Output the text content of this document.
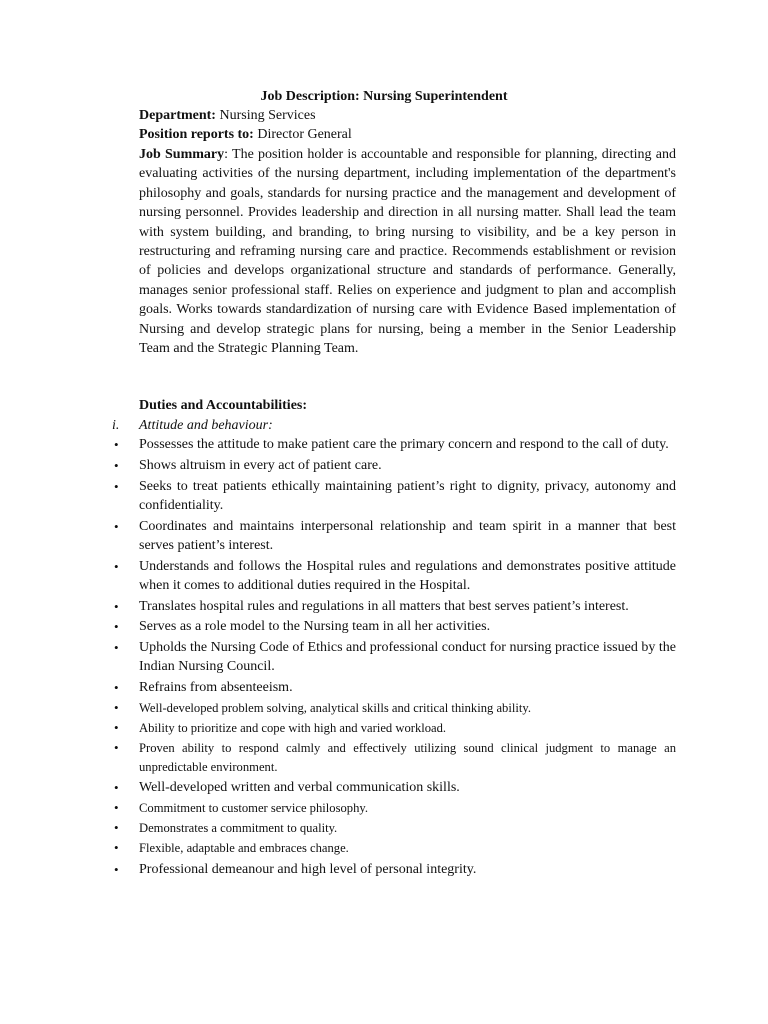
Job Description: Nursing Superintendent
Department: Nursing Services
Position reports to: Director General
Job Summary: The position holder is accountable and responsible for planning, directing and evaluating activities of the nursing department, including implementation of the department's philosophy and goals, standards for nursing practice and the management and development of nursing personnel. Provides leadership and direction in all nursing matter. Shall lead the team with system building, and branding, to bring nursing to visibility, and be a key person in restructuring and reframing nursing care and practice. Recommends establishment or revision of policies and develops organizational structure and standards of performance. Generally, manages senior professional staff. Relies on experience and judgment to plan and accomplish goals. Works towards standardization of nursing care with Evidence Based implementation of Nursing and develop strategic plans for nursing, being a member in the Senior Leadership Team and the Strategic Planning Team.
Duties and Accountabilities:
i. Attitude and behaviour:
• Possesses the attitude to make patient care the primary concern and respond to the call of duty.
• Shows altruism in every act of patient care.
• Seeks to treat patients ethically maintaining patient’s right to dignity, privacy, autonomy and confidentiality.
• Coordinates and maintains interpersonal relationship and team spirit in a manner that best serves patient’s interest.
• Understands and follows the Hospital rules and regulations and demonstrates positive attitude when it comes to additional duties required in the Hospital.
• Translates hospital rules and regulations in all matters that best serves patient’s interest.
• Serves as a role model to the Nursing team in all her activities.
• Upholds the Nursing Code of Ethics and professional conduct for nursing practice issued by the Indian Nursing Council.
• Refrains from absenteeism.
• Well-developed problem solving, analytical skills and critical thinking ability.
• Ability to prioritize and cope with high and varied workload.
• Proven ability to respond calmly and effectively utilizing sound clinical judgment to manage an unpredictable environment.
• Well-developed written and verbal communication skills.
• Commitment to customer service philosophy.
• Demonstrates a commitment to quality.
• Flexible, adaptable and embraces change.
• Professional demeanour and high level of personal integrity.
